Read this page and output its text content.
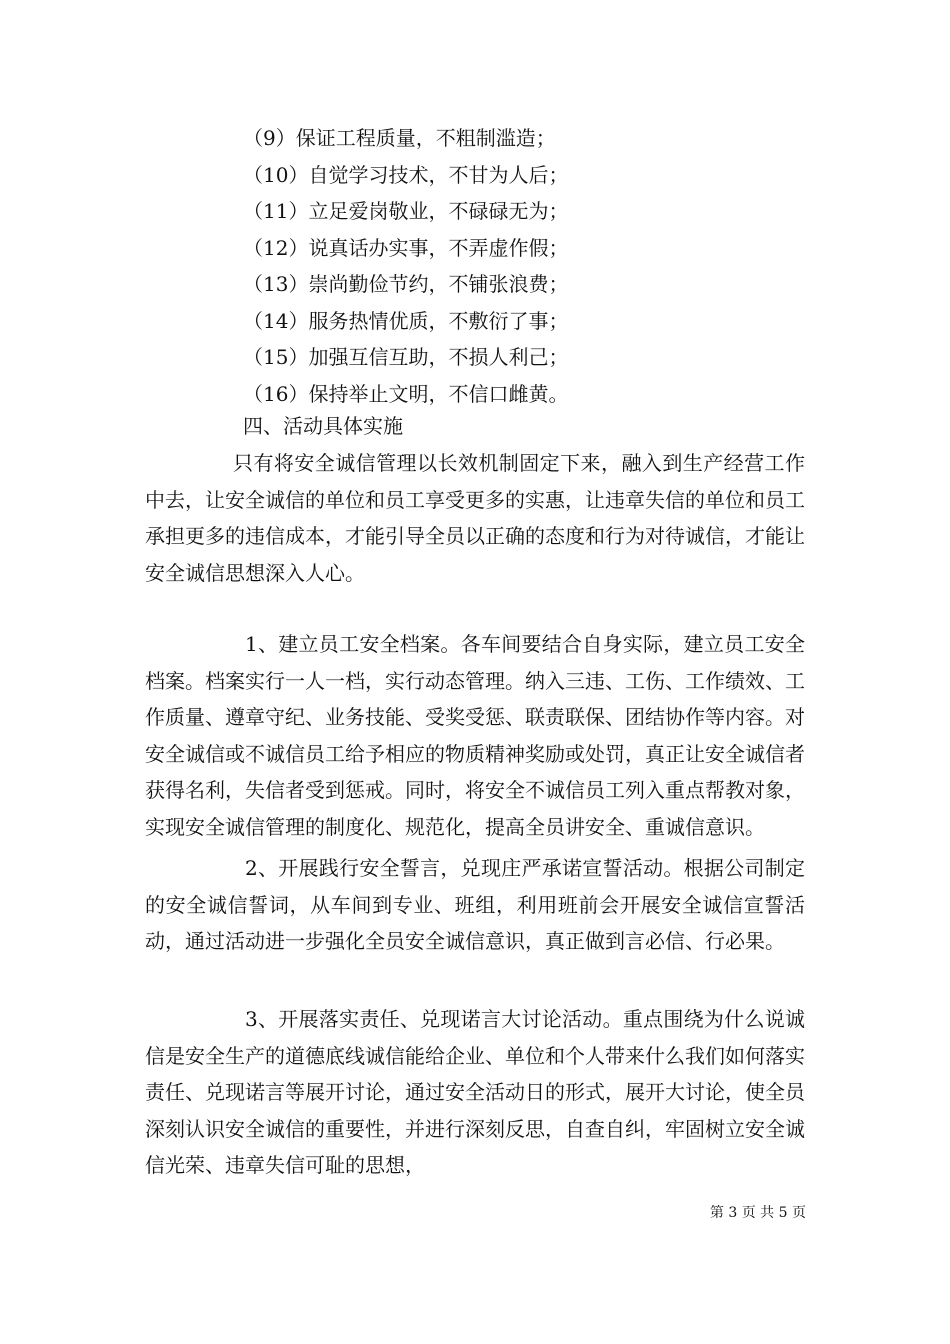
（9）保证工程质量，不粗制滥造；
（10）自觉学习技术，不甘为人后；
（11）立足爱岗敬业，不碌碌无为；
（12）说真话办实事，不弄虚作假；
（13）崇尚勤俭节约，不铺张浪费；
（14）服务热情优质，不敷衍了事；
（15）加强互信互助，不损人利己；
（16）保持举止文明，不信口雌黄。
四、活动具体实施

只有将安全诚信管理以长效机制固定下来，融入到生产经营工作中去，让安全诚信的单位和员工享受更多的实惠，让违章失信的单位和员工承担更多的违信成本，才能引导全员以正确的态度和行为对待诚信，才能让安全诚信思想深入人心。

1、建立员工安全档案。各车间要结合自身实际，建立员工安全档案。档案实行一人一档，实行动态管理。纳入三违、工伤、工作绩效、工作质量、遵章守纪、业务技能、受奖受惩、联责联保、团结协作等内容。对安全诚信或不诚信员工给予相应的物质精神奖励或处罚，真正让安全诚信者获得名利，失信者受到惩戒。同时，将安全不诚信员工列入重点帮教对象，实现安全诚信管理的制度化、规范化，提高全员讲安全、重诚信意识。

2、开展践行安全誓言，兑现庄严承诺宣誓活动。根据公司制定的安全诚信誓词，从车间到专业、班组，利用班前会开展安全诚信宣誓活动，通过活动进一步强化全员安全诚信意识，真正做到言必信、行必果。

3、开展落实责任、兑现诺言大讨论活动。重点围绕为什么说诚信是安全生产的道德底线诚信能给企业、单位和个人带来什么我们如何落实责任、兑现诺言等展开讨论，通过安全活动日的形式，展开大讨论，使全员深刻认识安全诚信的重要性，并进行深刻反思，自查自纠，牢固树立安全诚信光荣、违章失信可耻的思想，

第 3 页 共 5 页
